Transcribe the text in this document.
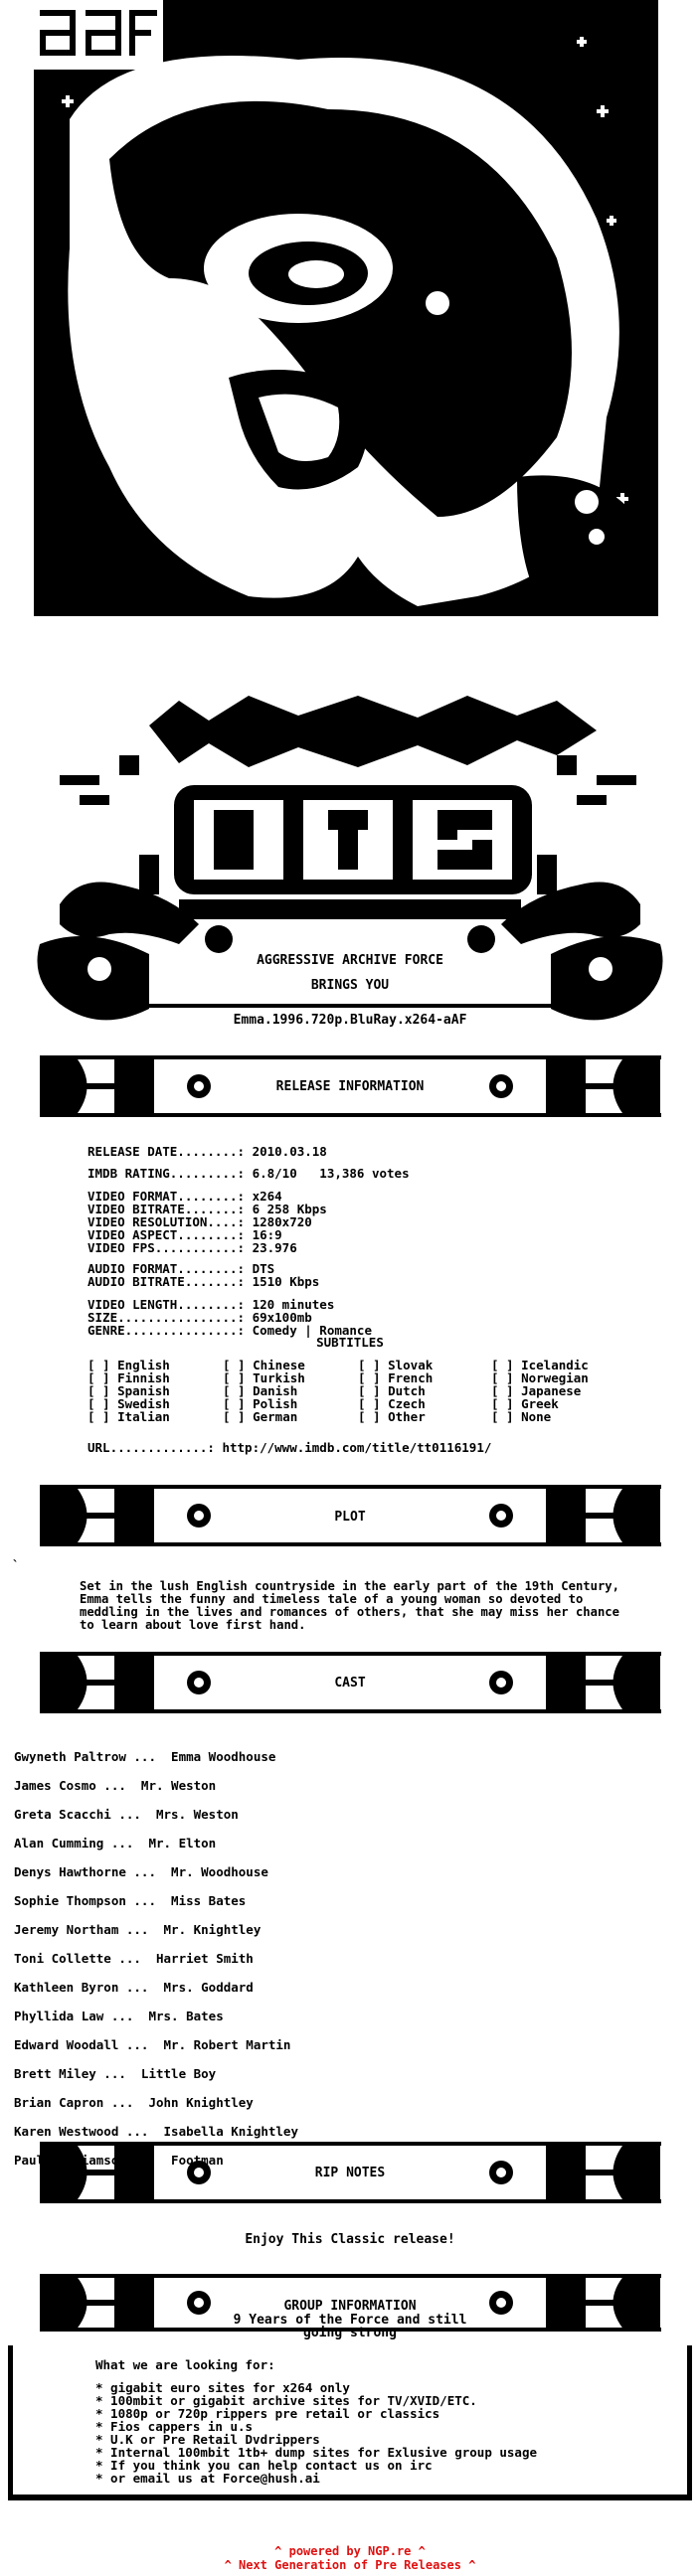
AGGRESSIVE ARCHIVE FORCE
BRINGS YOU
Emma.1996.720p.BluRay.x264-aAF
RELEASE INFORMATION
RELEASE DATE........: 2010.03.18
IMDB RATING.........: 6.8/10   13,386 votes
VIDEO FORMAT........: x264
VIDEO BITRATE.......: 6 258 Kbps
VIDEO RESOLUTION....: 1280x720
VIDEO ASPECT........: 16:9
VIDEO FPS...........: 23.976
AUDIO FORMAT........: DTS
AUDIO BITRATE.......: 1510 Kbps
VIDEO LENGTH........: 120 minutes
SIZE................: 69x100mb
GENRE...............: Comedy | Romance
SUBTITLES
[ ] English
[ ] Finnish
[ ] Spanish
[ ] Swedish
[ ] Italian
[ ] Chinese
[ ] Turkish
[ ] Danish
[ ] Polish
[ ] German
[ ] Slovak
[ ] French
[ ] Dutch
[ ] Czech
[ ] Other
[ ] Icelandic
[ ] Norwegian
[ ] Japanese
[ ] Greek
[ ] None
URL.............: http://www.imdb.com/title/tt0116191/
PLOT
`
Set in the lush English countryside in the early part of the 19th Century,
Emma tells the funny and timeless tale of a young woman so devoted to
meddling in the lives and romances of others, that she may miss her chance
to learn about love first hand.
CAST
Gwyneth Paltrow ...  Emma Woodhouse
James Cosmo ...  Mr. Weston
Greta Scacchi ...  Mrs. Weston
Alan Cumming ...  Mr. Elton
Denys Hawthorne ...  Mr. Woodhouse
Sophie Thompson ...  Miss Bates
Jeremy Northam ...  Mr. Knightley
Toni Collette ...  Harriet Smith
Kathleen Byron ...  Mrs. Goddard
Phyllida Law ...  Mrs. Bates
Edward Woodall ...  Mr. Robert Martin
Brett Miley ...  Little Boy
Brian Capron ...  John Knightley
Karen Westwood ...  Isabella Knightley
Paul Williamson ...  Footman
RIP NOTES
Enjoy This Classic release!
GROUP INFORMATION
9 Years of the Force and still
going strong
What we are looking for:
* gigabit euro sites for x264 only
* 100mbit or gigabit archive sites for TV/XVID/ETC.
* 1080p or 720p rippers pre retail or classics
* Fios cappers in u.s
* U.K or Pre Retail Dvdrippers
* Internal 100mbit 1tb+ dump sites for Exlusive group usage
* If you think you can help contact us on irc
* or email us at Force@hush.ai
^ powered by NGP.re ^
^ Next Generation of Pre Releases ^
